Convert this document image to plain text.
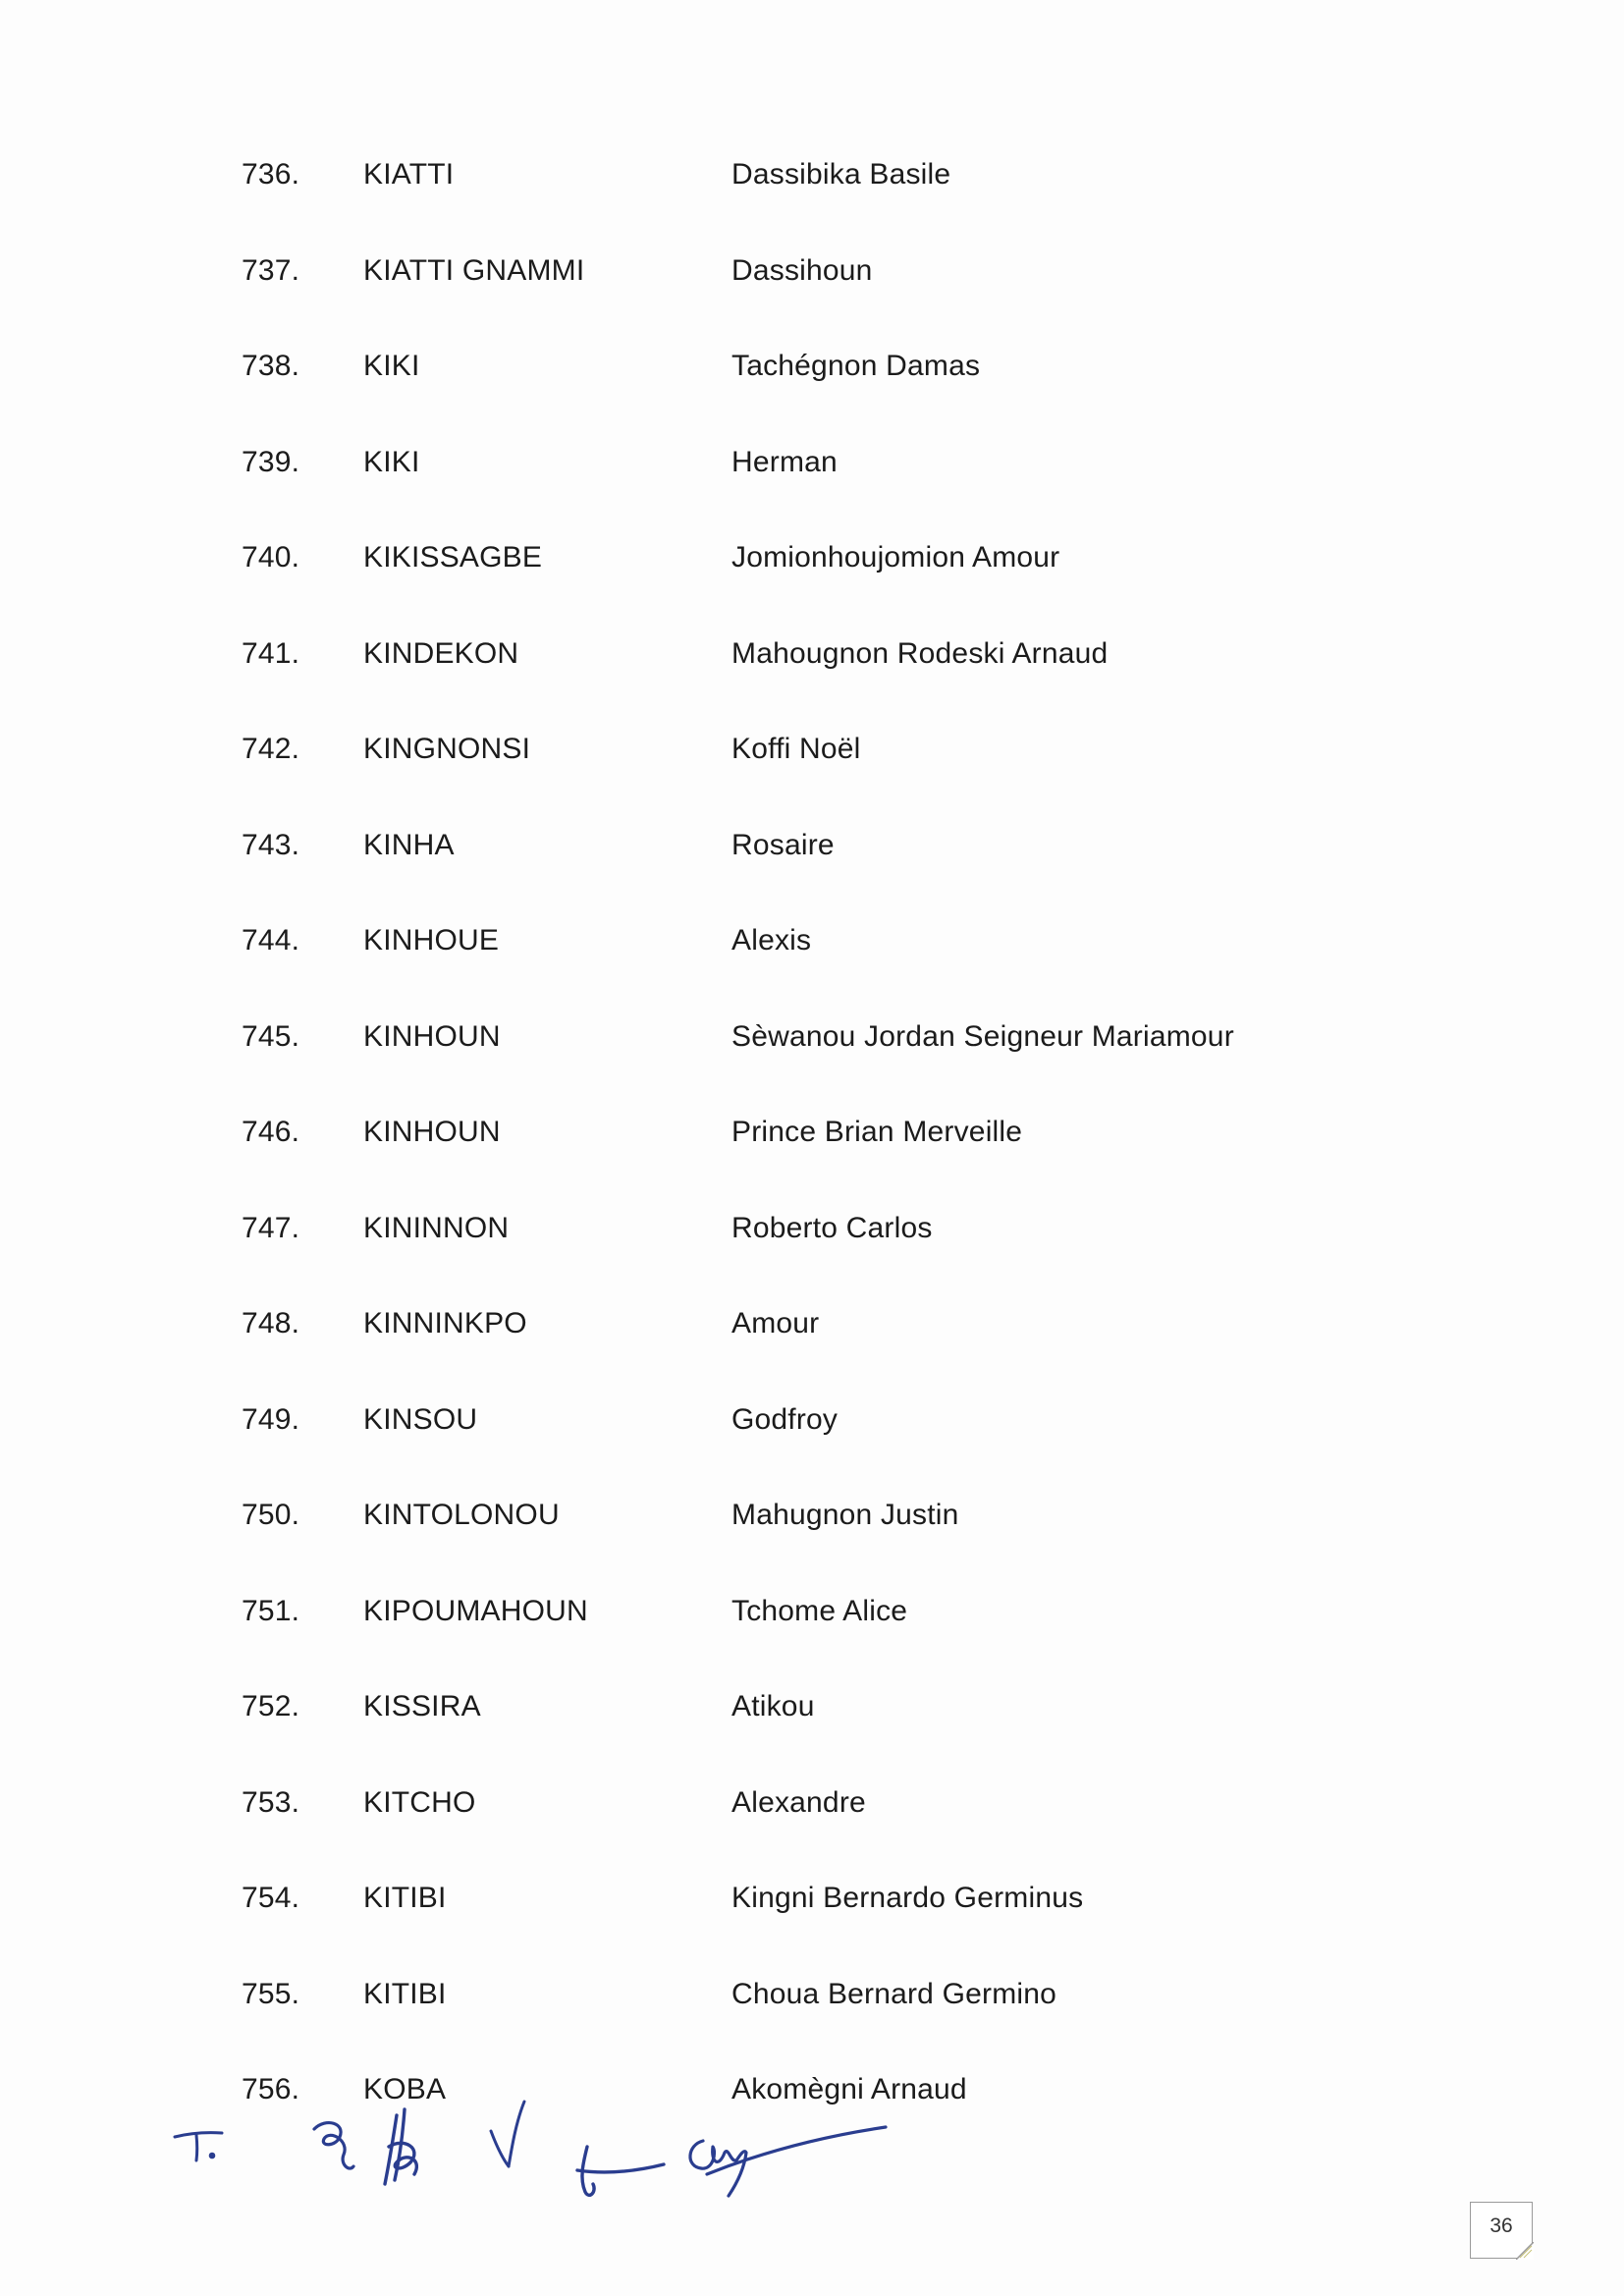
736. KIATTI	Dassibika Basile
737. KIATTI GNAMMI	Dassihoun
738. KIKI	Tachégnon Damas
739. KIKI	Herman
740. KIKISSAGBE	Jomionhoujomion Amour
741. KINDEKON	Mahougnon Rodeski Arnaud
742. KINGNONSI	Koffi Noël
743. KINHA	Rosaire
744. KINHOUE	Alexis
745. KINHOUN	Sèwanou Jordan Seigneur Mariamour
746. KINHOUN	Prince Brian Merveille
747. KININNON	Roberto Carlos
748. KINNINKPO	Amour
749. KINSOU	Godfroy
750. KINTOLONOU	Mahugnon Justin
751. KIPOUMAHOUN	Tchome Alice
752. KISSIRA	Atikou
753. KITCHO	Alexandre
754. KITIBI	Kingni Bernardo Germinus
755. KITIBI	Choua Bernard Germino
756. KOBA	Akomègni Arnaud
36
